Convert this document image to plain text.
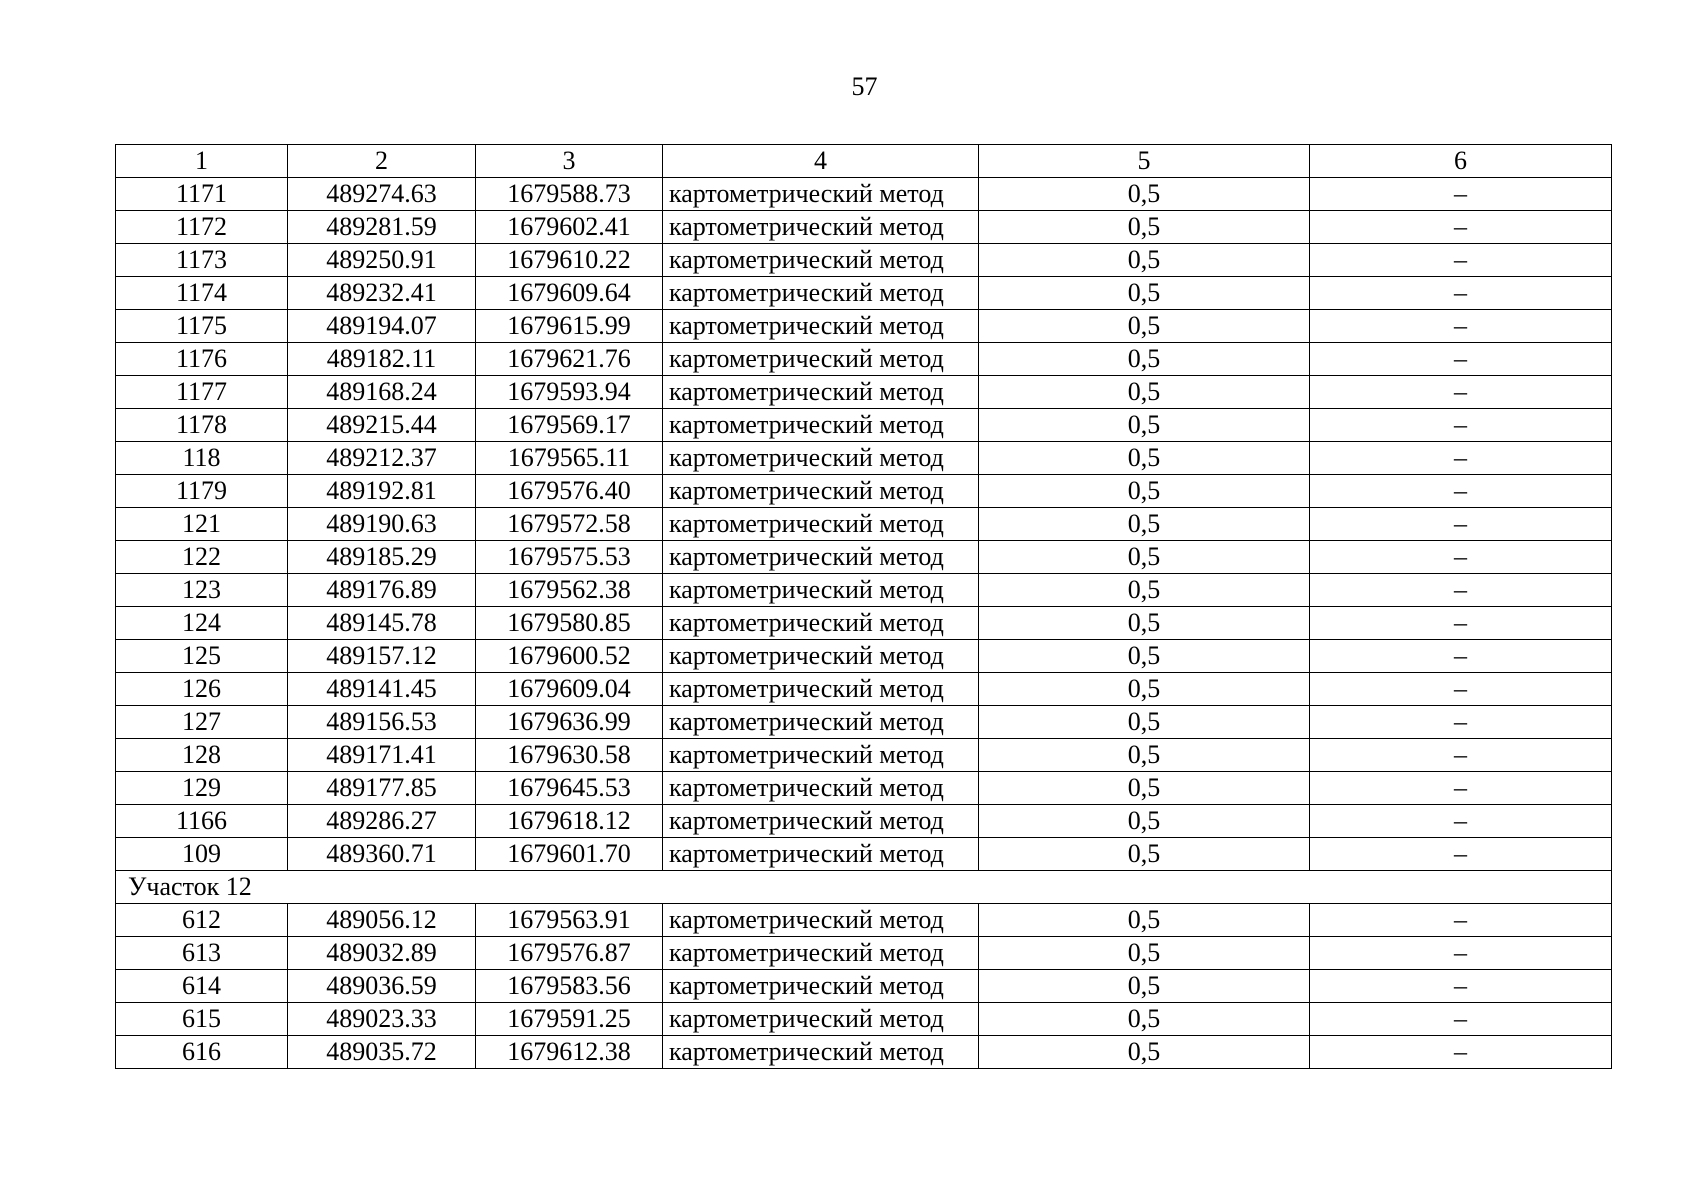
57
1	2	3	4	5	6
1171	489274.63	1679588.73	картометрический метод	0,5	–
1172	489281.59	1679602.41	картометрический метод	0,5	–
1173	489250.91	1679610.22	картометрический метод	0,5	–
1174	489232.41	1679609.64	картометрический метод	0,5	–
1175	489194.07	1679615.99	картометрический метод	0,5	–
1176	489182.11	1679621.76	картометрический метод	0,5	–
1177	489168.24	1679593.94	картометрический метод	0,5	–
1178	489215.44	1679569.17	картометрический метод	0,5	–
118	489212.37	1679565.11	картометрический метод	0,5	–
1179	489192.81	1679576.40	картометрический метод	0,5	–
121	489190.63	1679572.58	картометрический метод	0,5	–
122	489185.29	1679575.53	картометрический метод	0,5	–
123	489176.89	1679562.38	картометрический метод	0,5	–
124	489145.78	1679580.85	картометрический метод	0,5	–
125	489157.12	1679600.52	картометрический метод	0,5	–
126	489141.45	1679609.04	картометрический метод	0,5	–
127	489156.53	1679636.99	картометрический метод	0,5	–
128	489171.41	1679630.58	картометрический метод	0,5	–
129	489177.85	1679645.53	картометрический метод	0,5	–
1166	489286.27	1679618.12	картометрический метод	0,5	–
109	489360.71	1679601.70	картометрический метод	0,5	–
Участок 12					
612	489056.12	1679563.91	картометрический метод	0,5	–
613	489032.89	1679576.87	картометрический метод	0,5	–
614	489036.59	1679583.56	картометрический метод	0,5	–
615	489023.33	1679591.25	картометрический метод	0,5	–
616	489035.72	1679612.38	картометрический метод	0,5	–
